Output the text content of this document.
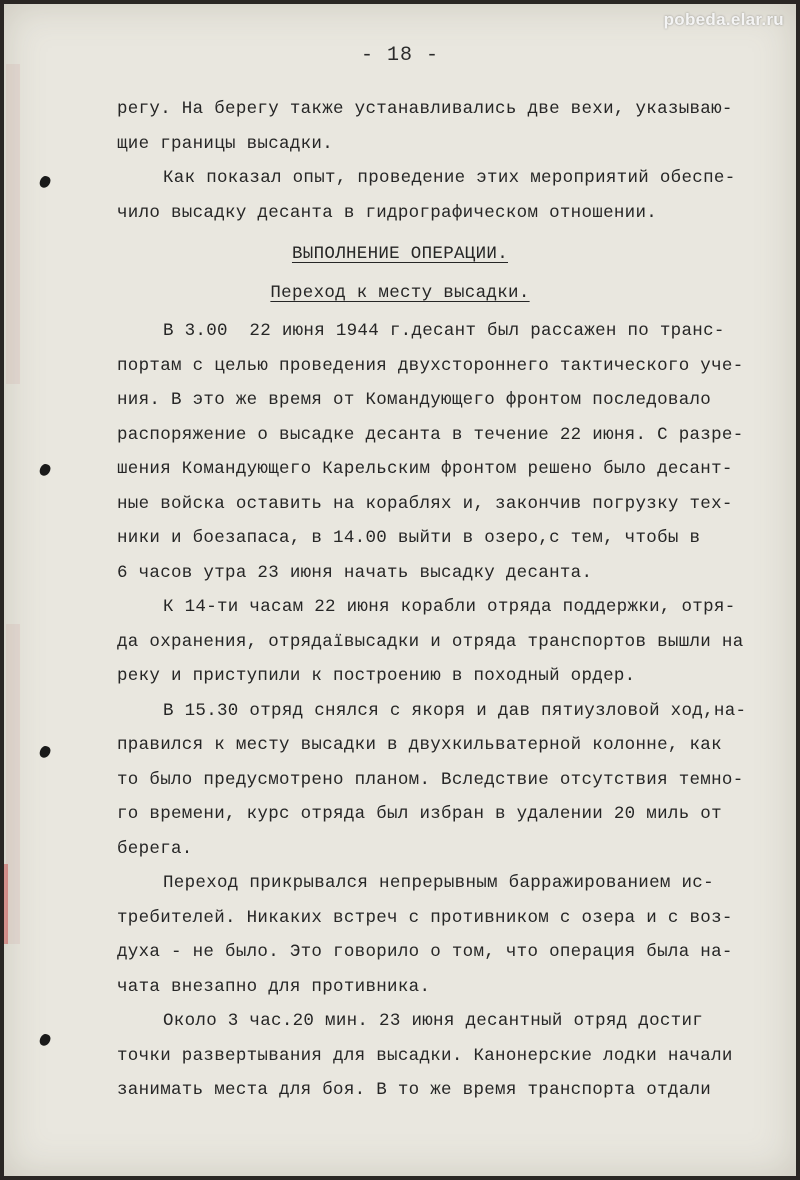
pobeda.elar.ru
- 18 -
регу. На берегу также устанавливались две вехи, указываю-
щие границы высадки.
Как показал опыт, проведение этих мероприятий обеспе-
чило высадку десанта в гидрографическом отношении.
ВЫПОЛНЕНИЕ ОПЕРАЦИИ.
Переход к месту высадки.
В 3.00  22 июня 1944 г.десант был рассажен по транс-
портам с целью проведения двухстороннего тактического уче-
ния. В это же время от Командующего фронтом последовало
распоряжение о высадке десанта в течение 22 июня. С разре-
шения Командующего Карельским фронтом решено было десант-
ные войска оставить на кораблях и, закончив погрузку тех-
ники и боезапаса, в 14.00 выйти в озеро,с тем, чтобы в
6 часов утра 23 июня начать высадку десанта.
К 14-ти часам 22 июня корабли отряда поддержки, отря-
да охранения, отрядаївысадки и отряда транспортов вышли на
реку и приступили к построению в походный ордер.
В 15.30 отряд снялся с якоря и дав пятиузловой ход,на-
правился к месту высадки в двухкильватерной колонне, как
то было предусмотрено планом. Вследствие отсутствия темно-
го времени, курс отряда был избран в удалении 20 миль от
берега.
Переход прикрывался непрерывным барражированием ис-
требителей. Никаких встреч с противником с озера и с воз-
духа - не было. Это говорило о том, что операция была на-
чата внезапно для противника.
Около 3 час.20 мин. 23 июня десантный отряд достиг
точки развертывания для высадки. Канонерские лодки начали
занимать места для боя. В то же время транспорта отдали
